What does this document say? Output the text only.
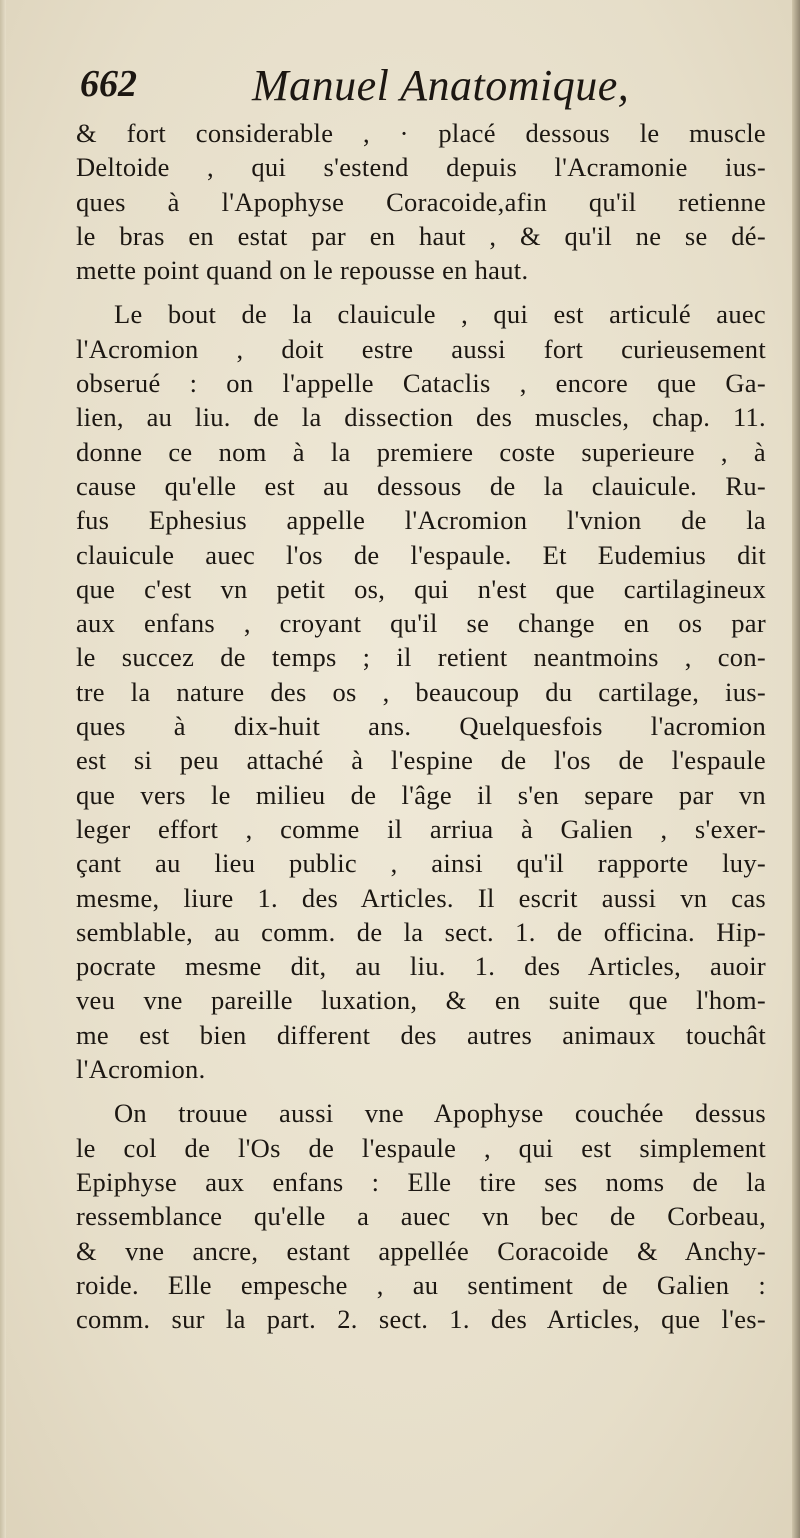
662	Manuel Anatomique,
& fort considerable , · placé dessous le muscle
Deltoide , qui s'estend depuis l'Acramonie ius-
ques à l'Apophyse Coracoide,afin qu'il retienne
le bras en estat par en haut , & qu'il ne se dé-
mette point quand on le repousse en haut.
Le bout de la clauicule , qui est articulé auec
l'Acromion , doit estre aussi fort curieusement
obserué : on l'appelle Cataclis , encore que Ga-
lien, au liu. de la dissection des muscles, chap. 11.
donne ce nom à la premiere coste superieure , à
cause qu'elle est au dessous de la clauicule. Ru-
fus Ephesius appelle l'Acromion l'vnion de la
clauicule auec l'os de l'espaule. Et Eudemius dit
que c'est vn petit os, qui n'est que cartilagineux
aux enfans , croyant qu'il se change en os par
le succez de temps ; il retient neantmoins , con-
tre la nature des os , beaucoup du cartilage, ius-
ques à dix-huit ans. Quelquesfois l'acromion
est si peu attaché à l'espine de l'os de l'espaule
que vers le milieu de l'âge il s'en separe par vn
leger effort , comme il arriua à Galien , s'exer-
çant au lieu public , ainsi qu'il rapporte luy-
mesme, liure 1. des Articles. Il escrit aussi vn cas
semblable, au comm. de la sect. 1. de officina. Hip-
pocrate mesme dit, au liu. 1. des Articles, auoir
veu vne pareille luxation, & en suite que l'hom-
me est bien different des autres animaux touchât
l'Acromion.
On trouue aussi vne Apophyse couchée dessus
le col de l'Os de l'espaule , qui est simplement
Epiphyse aux enfans : Elle tire ses noms de la
ressemblance qu'elle a auec vn bec de Corbeau,
& vne ancre, estant appellée Coracoide & Anchy-
roide. Elle empesche , au sentiment de Galien :
comm. sur la part. 2. sect. 1. des Articles, que l'es-
